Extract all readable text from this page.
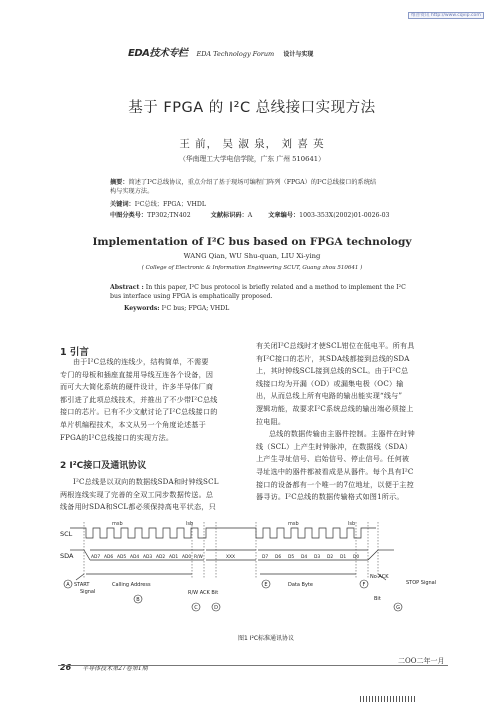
维普资讯 http://www.cqvip.com
EDA技术专栏 EDA Technology Forum 设计与实现
基于 FPGA 的 I²C 总线接口实现方法
王 前， 吴 淑 泉， 刘 喜 英
（华南理工大学电信学院，广东 广州 510641）
摘要：简述了I²C总线协议，重点介绍了基于现场可编程门阵列（FPGA）的I²C总线接口的系统结
构与实现方法。
关键词：I²C总线；FPGA；VHDL
中图分类号：TP302;TN402	文献标识码：A	文章编号：1003-353X(2002)01-0026-03
Implementation of I²C bus based on FPGA technology
WANG Qian, WU Shu-quan, LIU Xi-ying
( College of Electronic & Information Engineering SCUT, Guang zhou 510641 )
Abstract : In this paper, I²C bus protocol is briefly related and a method to implement the I²C
bus interface using FPGA is emphatically proposed.
Keywords: I²C bus; FPGA; VHDL
1 引言
由于I²C总线的连线少，结构简单，不需要
专门的母板和插座直接用导线互连各个设备，因
而可大大简化系统的硬件设计，许多半导体厂商
都引进了此项总线技术，并推出了不少带I²C总线
接口的芯片。已有不少文献讨论了I²C总线接口的
单片机编程技术，本文从另一个角度论述基于
FPGA的I²C总线接口的实现方法。
2 I²C接口及通讯协议
I²C总线是以双向的数据线SDA和时钟线SCL
两根连线实现了完善的全双工同步数据传送。总
线备用时SDA和SCL都必须保持高电平状态，只
有关闭I²C总线时才使SCL钳位在低电平。所有具
有I²C接口的芯片，其SDA线都接到总线的SDA
上，其时钟线SCL接到总线的SCL。由于I²C总
线接口均为开漏（OD）或漏集电极（OC）输
出，从而总线上所有电路的输出能实现“线与”
逻辑功能，故要求I²C系统总线的输出端必须接上
拉电阻。
总线的数据传输由主器件控制。主器件在时钟
线（SCL）上产生时钟脉冲，在数据线（SDA）
上产生寻址信号、启始信号、停止信号。任何被
寻址选中的器件都被看成是从器件。每个具有I²C
接口的设备都有一个唯一的7位地址，以便于主控
器寻访。I²C总线的数据传输格式如图1所示。
SCL
SDA
msb	lsb	msb	lsb
AD7 AD6 AD5 AD4 AD3 AD2 AD1 AD0 R/W	XXX	D7 D6 D5 D4 D3 D2 D1 D0
A
B
C	D
E	F
G
START
Signal
Calling Address
R/W ACK Bit
Data Byte
No ACK
Bit
STOP Signal
图1 I²C标准通讯协议
26 半导体技术第27卷第1期
二OO二年一月
